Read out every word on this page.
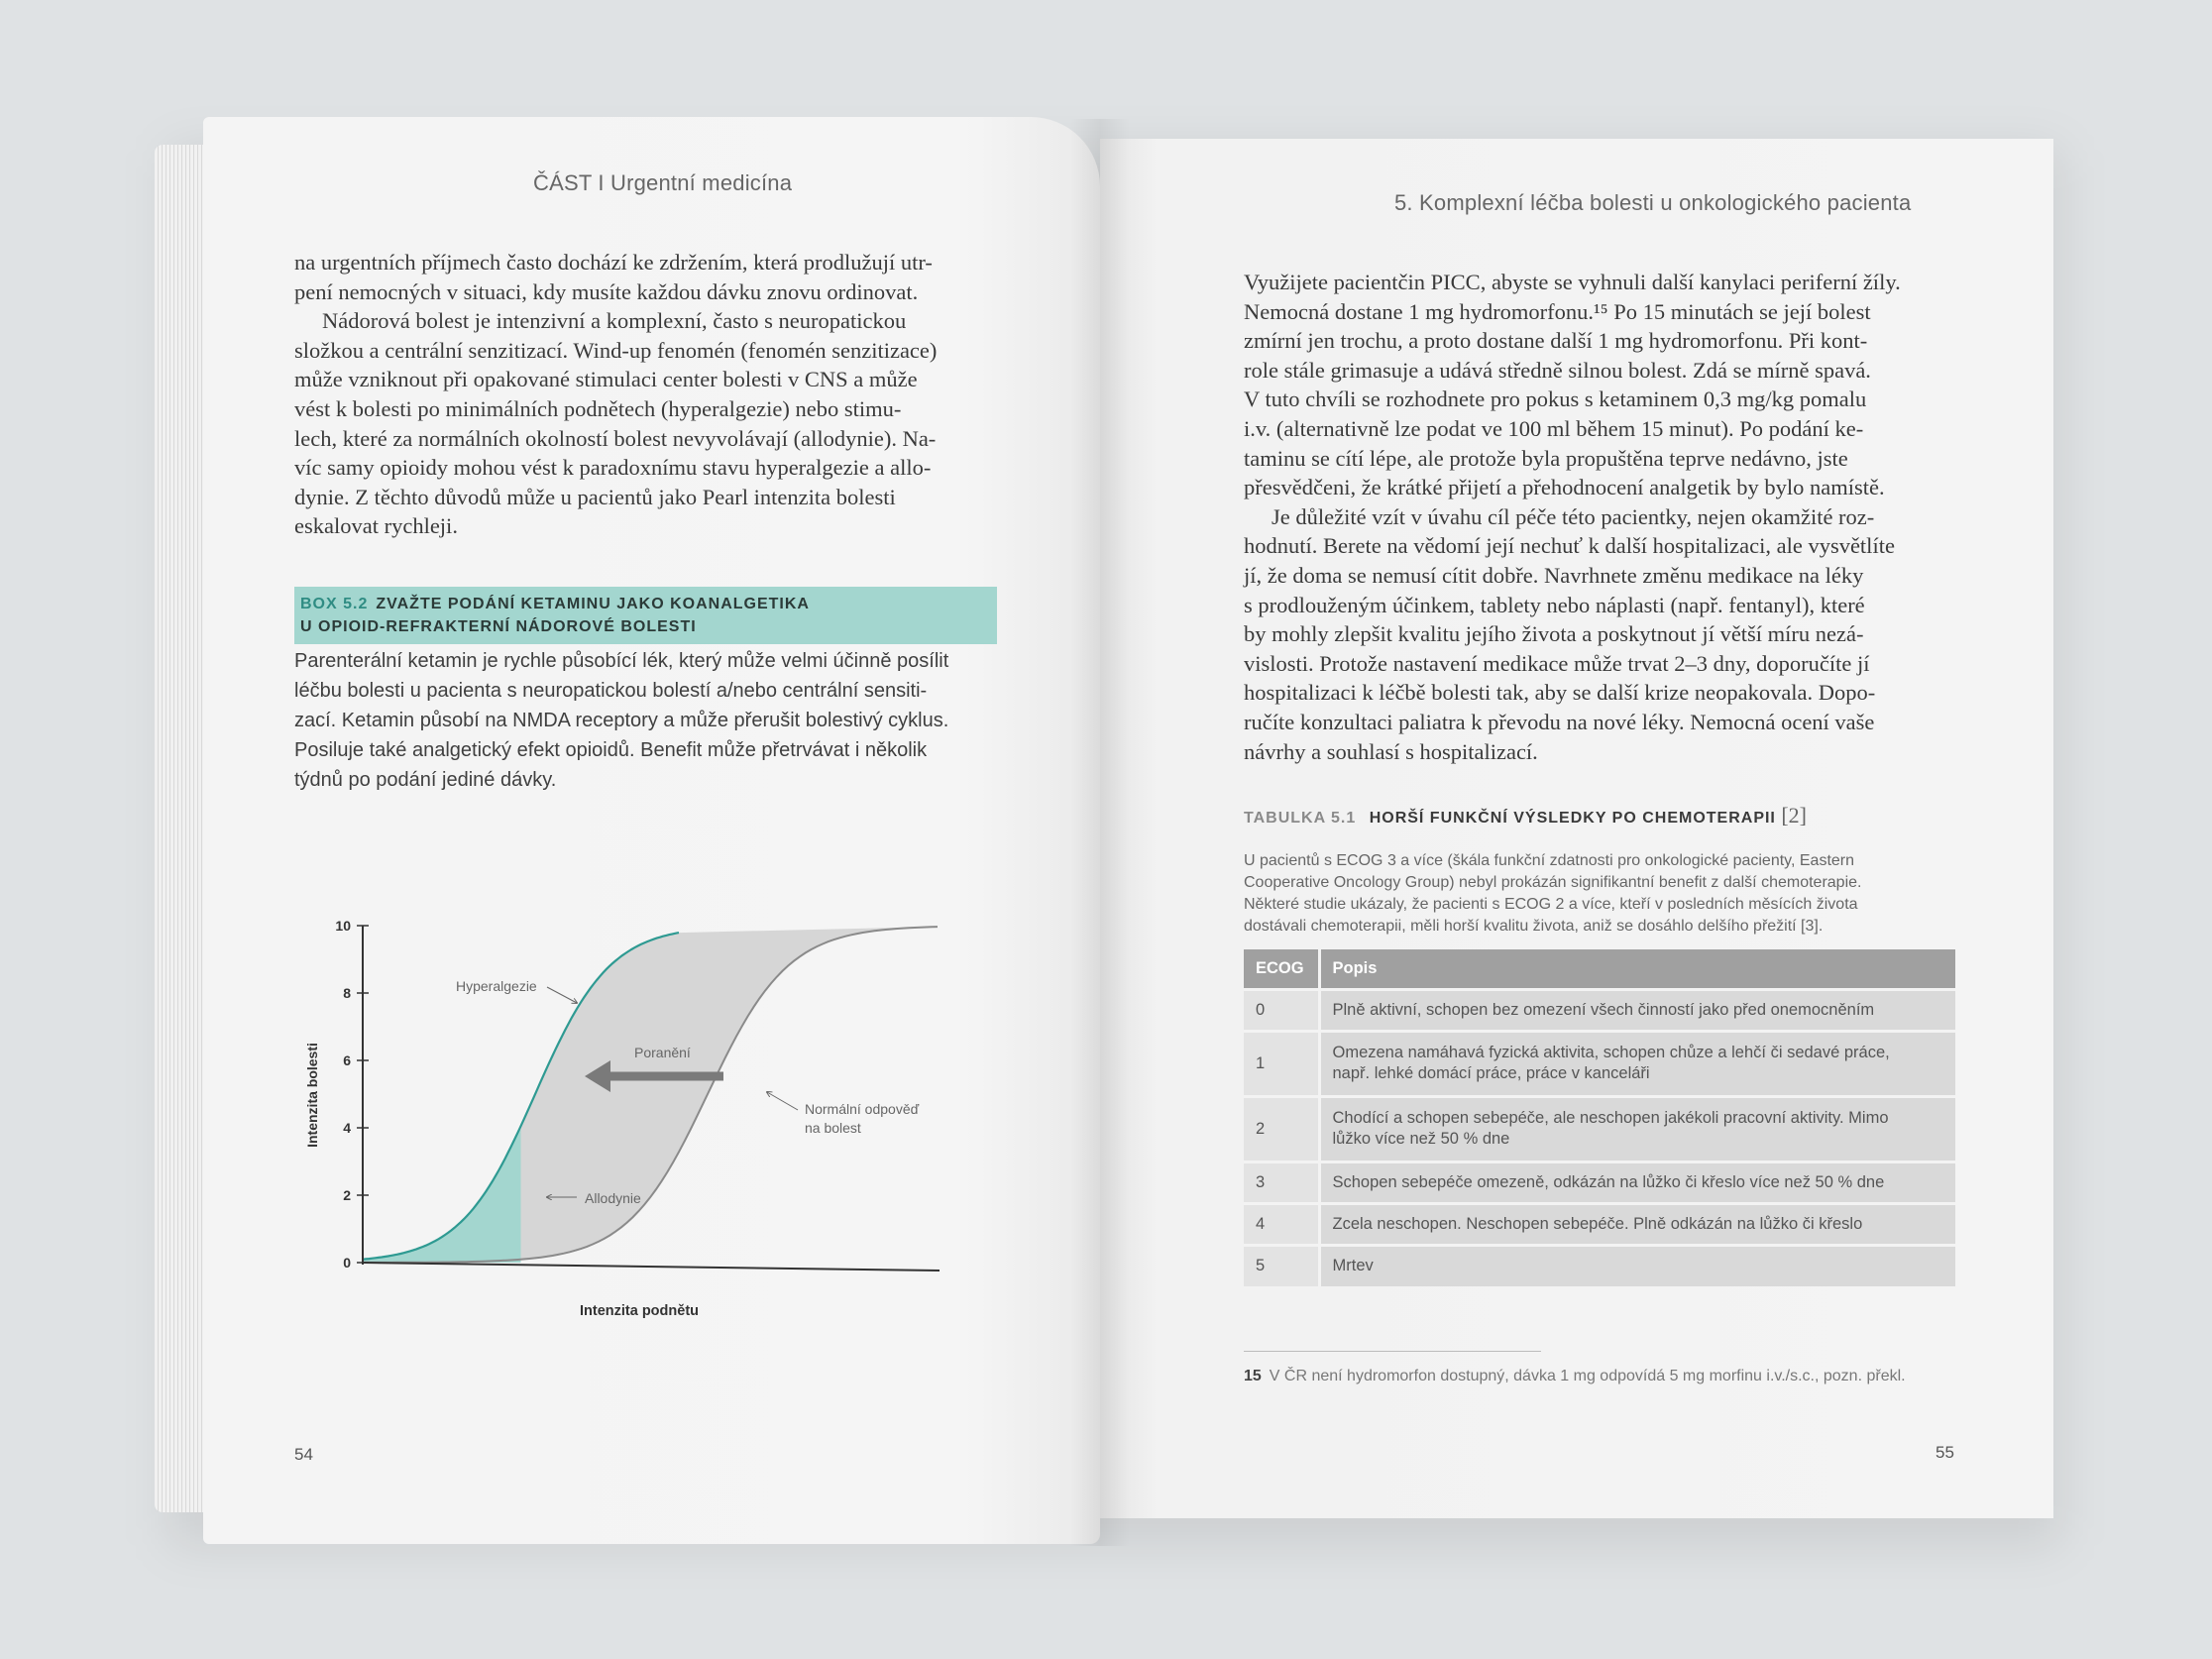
ČÁST I Urgentní medicína

na urgentních příjmech často dochází ke zdržením, která prodlužují utr-

pení nemocných v situaci, kdy musíte každou dávku znovu ordinovat.

Nádorová bolest je intenzivní a komplexní, často s neuropatickou

složkou a centrální senzitizací. Wind-up fenomén (fenomén senzitizace)

může vzniknout při opakované stimulaci center bolesti v CNS a může

vést k bolesti po minimálních podnětech (hyperalgezie) nebo stimu-

lech, které za normálních okolností bolest nevyvolávají (allodynie). Na-

víc samy opioidy mohou vést k paradoxnímu stavu hyperalgezie a allo-

dynie. Z těchto důvodů může u pacientů jako Pearl intenzita bolesti

eskalovat rychleji.

BOX 5.2 ZVAŽTE PODÁNÍ KETAMINU JAKO KOANALGETIKA
U OPIOID-REFRAKTERNÍ NÁDOROVÉ BOLESTI
Parenterální ketamin je rychle působící lék, který může velmi účinně posílit
léčbu bolesti u pacienta s neuropatickou bolestí a/nebo centrální sensiti-
zací. Ketamin působí na NMDA receptory a může přerušit bolestivý cyklus.
Posiluje také analgetický efekt opioidů. Benefit může přetrvávat i několik
týdnů po podání jediné dávky.
0
2
4
6
8
10
Intenzita bolesti
Intenzita podnětu
Hyperalgezie
Poranění
Normální odpověď
na bolest
Allodynie
54
5. Komplexní léčba bolesti u onkologického pacienta

Využijete pacientčin PICC, abyste se vyhnuli další kanylaci periferní žíly.

Nemocná dostane 1 mg hydromorfonu.¹⁵ Po 15 minutách se její bolest

zmírní jen trochu, a proto dostane další 1 mg hydromorfonu. Při kont-

role stále grimasuje a udává středně silnou bolest. Zdá se mírně spavá.

V tuto chvíli se rozhodnete pro pokus s ketaminem 0,3 mg/kg pomalu

i.v. (alternativně lze podat ve 100 ml během 15 minut). Po podání ke-

taminu se cítí lépe, ale protože byla propuštěna teprve nedávno, jste

přesvědčeni, že krátké přijetí a přehodnocení analgetik by bylo namístě.

Je důležité vzít v úvahu cíl péče této pacientky, nejen okamžité roz-

hodnutí. Berete na vědomí její nechuť k další hospitalizaci, ale vysvětlíte

jí, že doma se nemusí cítit dobře. Navrhnete změnu medikace na léky

s prodlouženým účinkem, tablety nebo náplasti (např. fentanyl), které

by mohly zlepšit kvalitu jejího života a poskytnout jí větší míru nezá-

vislosti. Protože nastavení medikace může trvat 2–3 dny, doporučíte jí

hospitalizaci k léčbě bolesti tak, aby se další krize neopakovala. Dopo-

ručíte konzultaci paliatra k převodu na nové léky. Nemocná ocení vaše

návrhy a souhlasí s hospitalizací.

TABULKA 5.1 HORŠÍ FUNKČNÍ VÝSLEDKY PO CHEMOTERAPII [2]
U pacientů s ECOG 3 a více (škála funkční zdatnosti pro onkologické pacienty, Eastern
Cooperative Oncology Group) nebyl prokázán signifikantní benefit z další chemoterapie.
Některé studie ukázaly, že pacienti s ECOG 2 a více, kteří v posledních měsících života
dostávali chemoterapii, měli horší kvalitu života, aniž se dosáhlo delšího přežití [3].
ECOG	Popis
0	Plně aktivní, schopen bez omezení všech činností jako před onemocněním

1	Omezena namáhavá fyzická aktivita, schopen chůze a lehčí či sedavé práce,
např. lehké domácí práce, práce v kanceláři

2	Chodící a schopen sebepéče, ale neschopen jakékoli pracovní aktivity. Mimo
lůžko více než 50 % dne

3	Schopen sebepéče omezeně, odkázán na lůžko či křeslo více než 50 % dne

4	Zcela neschopen. Neschopen sebepéče. Plně odkázán na lůžko či křeslo

5	Mrtev
15 V ČR není hydromorfon dostupný, dávka 1 mg odpovídá 5 mg morfinu i.v./s.c., pozn. překl.
55
